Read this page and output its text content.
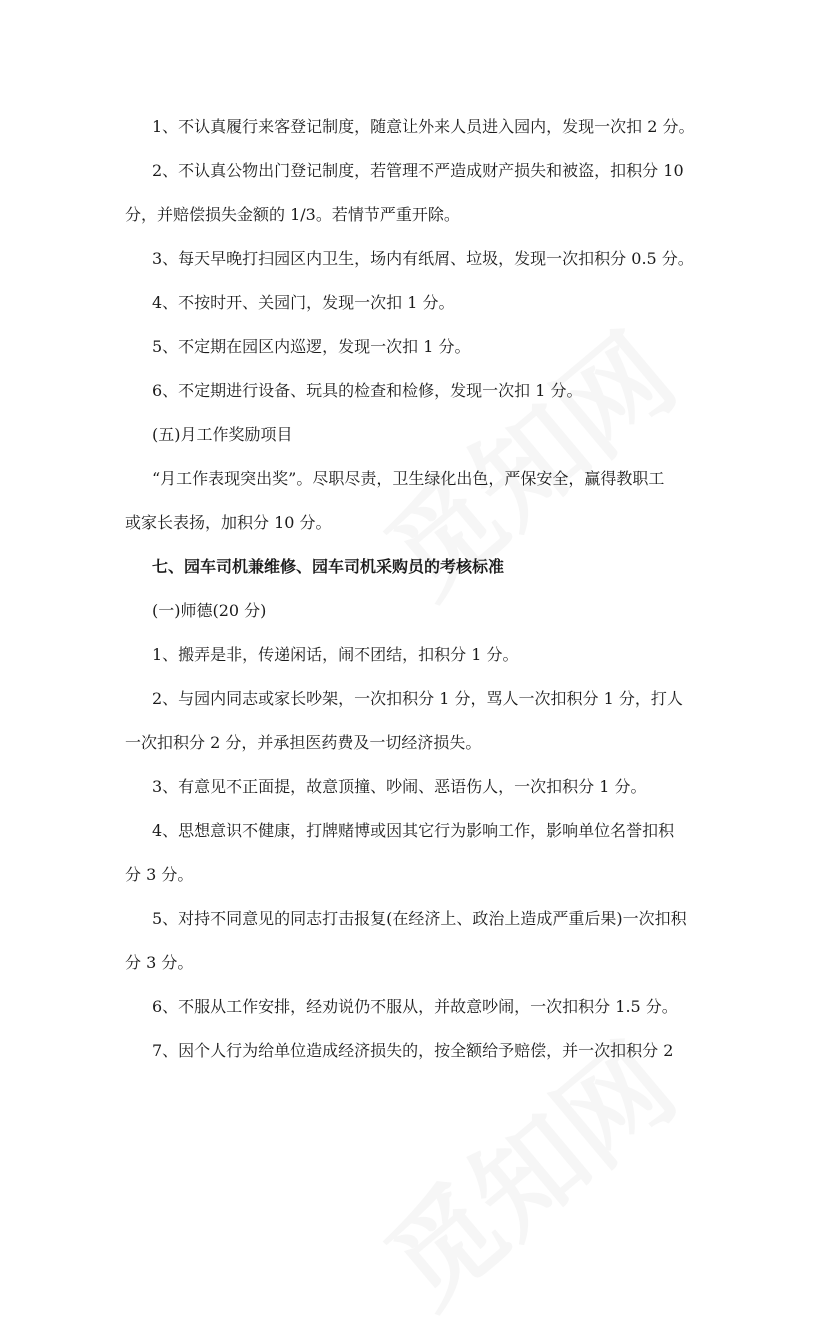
1、不认真履行来客登记制度，随意让外来人员进入园内，发现一次扣 2 分。
2、不认真公物出门登记制度，若管理不严造成财产损失和被盗，扣积分 10
分，并赔偿损失金额的 1/3。若情节严重开除。
3、每天早晚打扫园区内卫生，场内有纸屑、垃圾，发现一次扣积分 0.5 分。
4、不按时开、关园门，发现一次扣 1 分。
5、不定期在园区内巡逻，发现一次扣 1 分。
6、不定期进行设备、玩具的检查和检修，发现一次扣 1 分。
(五)月工作奖励项目
“月工作表现突出奖”。尽职尽责，卫生绿化出色，严保安全，赢得教职工
或家长表扬，加积分 10 分。
七、园车司机兼维修、园车司机采购员的考核标准
(一)师德(20 分)
1、搬弄是非，传递闲话，闹不团结，扣积分 1 分。
2、与园内同志或家长吵架，一次扣积分 1 分，骂人一次扣积分 1 分，打人
一次扣积分 2 分，并承担医药费及一切经济损失。
3、有意见不正面提，故意顶撞、吵闹、恶语伤人，一次扣积分 1 分。
4、思想意识不健康，打牌赌博或因其它行为影响工作，影响单位名誉扣积
分 3 分。
5、对持不同意见的同志打击报复(在经济上、政治上造成严重后果)一次扣积
分 3 分。
6、不服从工作安排，经劝说仍不服从，并故意吵闹，一次扣积分 1.5 分。
7、因个人行为给单位造成经济损失的，按全额给予赔偿，并一次扣积分 2
